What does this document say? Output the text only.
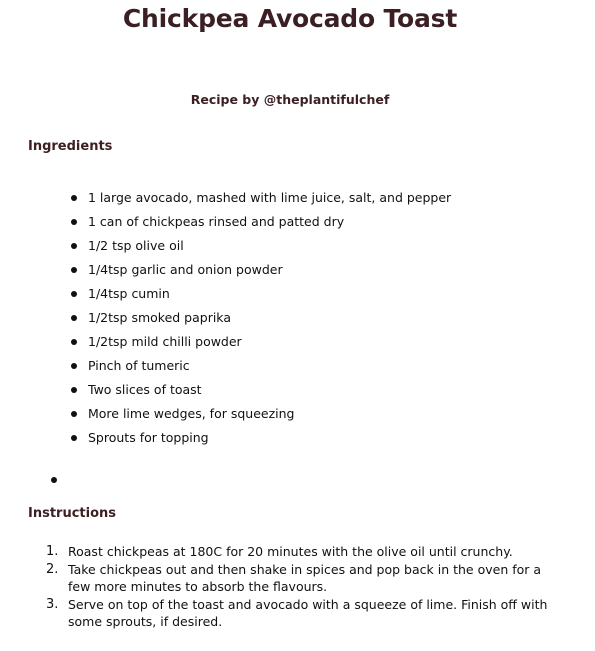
Chickpea Avocado Toast
Recipe by @theplantifulchef
Ingredients
1 large avocado, mashed with lime juice, salt, and pepper
1 can of chickpeas rinsed and patted dry
1/2 tsp olive oil
1/4tsp garlic and onion powder
1/4tsp cumin
1/2tsp smoked paprika
1/2tsp mild chilli powder
Pinch of tumeric
Two slices of toast
More lime wedges, for squeezing
Sprouts for topping
Instructions
1. Roast chickpeas at 180C for 20 minutes with the olive oil until crunchy.
2. Take chickpeas out and then shake in spices and pop back in the oven for a few more minutes to absorb the flavours.
3. Serve on top of the toast and avocado with a squeeze of lime. Finish off with some sprouts, if desired.
